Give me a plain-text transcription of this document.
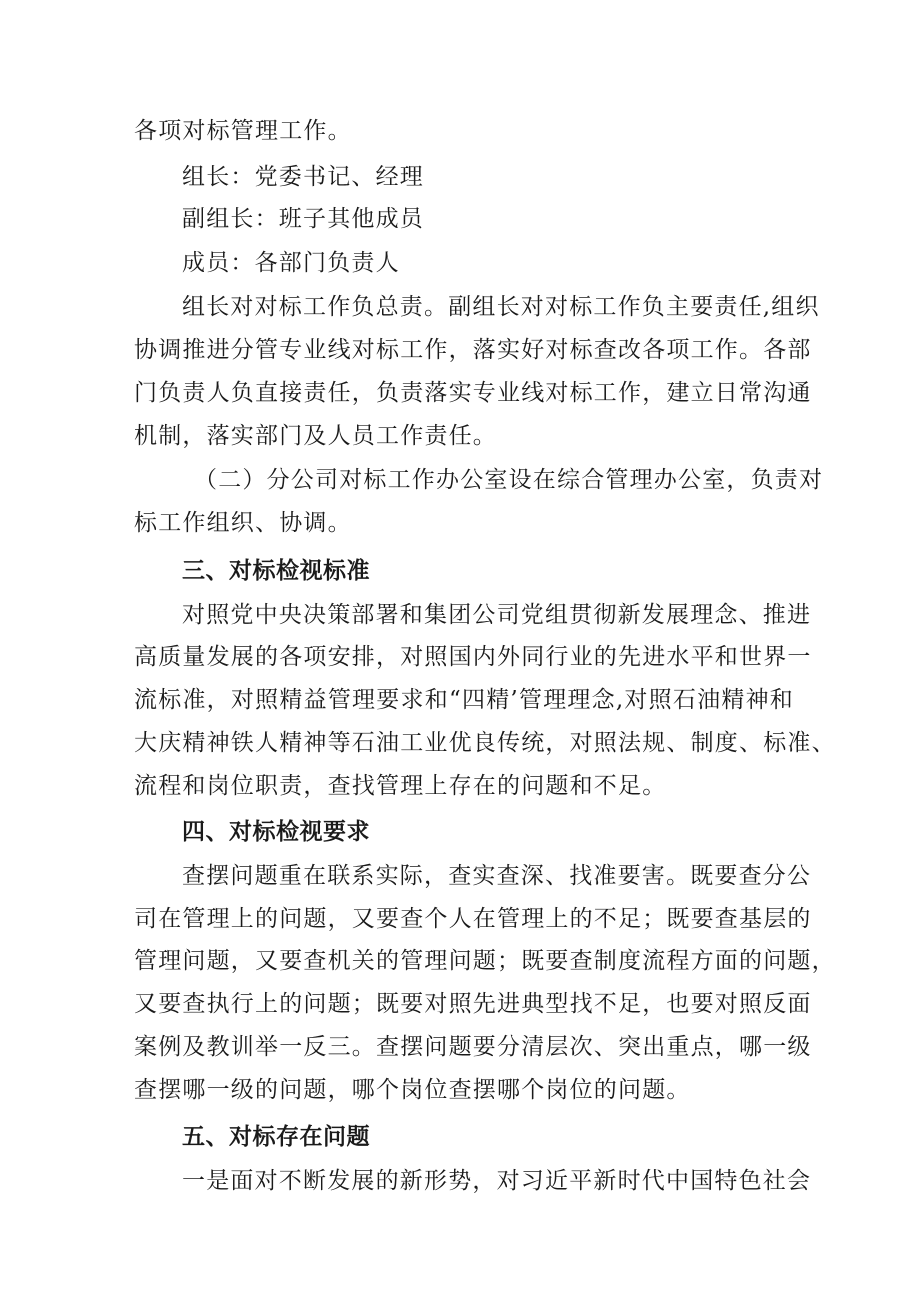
各项对标管理工作。
组长：党委书记、经理
副组长：班子其他成员
成员：各部门负责人
组长对对标工作负总责。副组长对对标工作负主要责任,组织
协调推进分管专业线对标工作，落实好对标查改各项工作。各部
门负责人负直接责任，负责落实专业线对标工作，建立日常沟通
机制，落实部门及人员工作责任。
（二）分公司对标工作办公室设在综合管理办公室，负责对
标工作组织、协调。
三、对标检视标准
对照党中央决策部署和集团公司党组贯彻新发展理念、推进
高质量发展的各项安排，对照国内外同行业的先进水平和世界一
流标准，对照精益管理要求和“四精’管理理念,对照石油精神和
大庆精神铁人精神等石油工业优良传统，对照法规、制度、标准、
流程和岗位职责，查找管理上存在的问题和不足。
四、对标检视要求
查摆问题重在联系实际，查实查深、找准要害。既要查分公
司在管理上的问题，又要查个人在管理上的不足；既要查基层的
管理问题，又要查机关的管理问题；既要查制度流程方面的问题，
又要查执行上的问题；既要对照先进典型找不足，也要对照反面
案例及教训举一反三。查摆问题要分清层次、突出重点，哪一级
查摆哪一级的问题，哪个岗位查摆哪个岗位的问题。
五、对标存在问题
一是面对不断发展的新形势，对习近平新时代中国特色社会
